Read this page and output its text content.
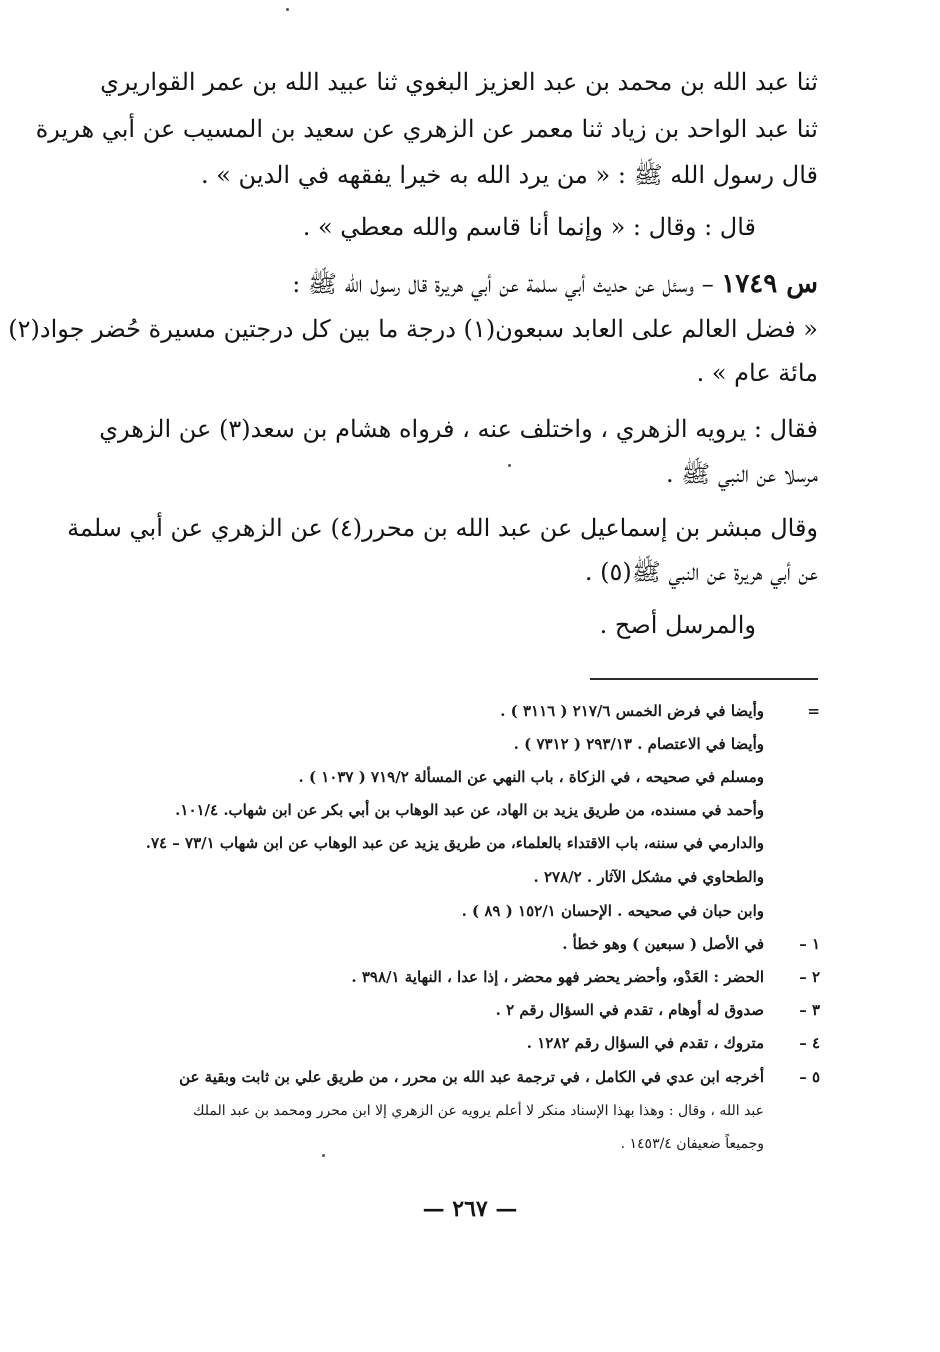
ثنا عبد الله بن محمد بن عبد العزيز البغوي ثنا عبيد الله بن عمر القواريري
ثنا عبد الواحد بن زياد ثنا معمر عن الزهري عن سعيد بن المسيب عن أبي هريرة
قال رسول الله ﷺ : « من يرد الله به خيرا يفقهه في الدين » .
قال : وقال : « وإنما أنا قاسم والله معطي » .
س ١٧٤٩ – وسئل عن حديث أبي سلمة عن أبي هريرة قال رسول الله ﷺ :
« فضل العالم على العابد سبعون(١) درجة ما بين كل درجتين مسيرة حُضر جواد(٢)
مائة عام » .
فقال : يرويه الزهري ، واختلف عنه ، فرواه هشام بن سعد(٣) عن الزهري
مرسلا عن النبي ﷺ .
وقال مبشر بن إسماعيل عن عبد الله بن محرر(٤) عن الزهري عن أبي سلمة
عن أبي هريرة عن النبي ﷺ(٥) .
والمرسل أصح .
=
وأيضا في فرض الخمس ٢١٧/٦ ( ٣١١٦ ) .
وأيضا في الاعتصام . ٢٩٣/١٣ ( ٧٣١٢ ) .
ومسلم في صحيحه ، في الزكاة ، باب النهي عن المسألة ٧١٩/٢ ( ١٠٣٧ ) .
وأحمد في مسنده، من طريق يزيد بن الهاد، عن عبد الوهاب بن أبي بكر عن ابن شهاب. ١٠١/٤.
والدارمي في سننه، باب الاقتداء بالعلماء، من طريق يزيد عن عبد الوهاب عن ابن شهاب ٧٣/١ – ٧٤.
والطحاوي في مشكل الآثار . ٢٧٨/٢ .
وابن حبان في صحيحه . الإحسان ١٥٢/١ ( ٨٩ ) .
١ –
في الأصل ( سبعين ) وهو خطأ .
٢ –
الحضر : العَدْو، وأحضر يحضر فهو محضر ، إذا عدا ، النهاية ٣٩٨/١ .
٣ –
صدوق له أوهام ، تقدم في السؤال رقم ٢ .
٤ –
متروك ، تقدم في السؤال رقم ١٢٨٢ .
٥ –
أخرجه ابن عدي في الكامل ، في ترجمة عبد الله بن محرر ، من طريق علي بن ثابت وبقية عن
عبد الله ، وقال : وهذا بهذا الإسناد منكر لا أعلم يرويه عن الزهري إلا ابن محرر ومحمد بن عبد الملك
وجميعاً ضعيفان ١٤٥٣/٤ .
— ٢٦٧ —
